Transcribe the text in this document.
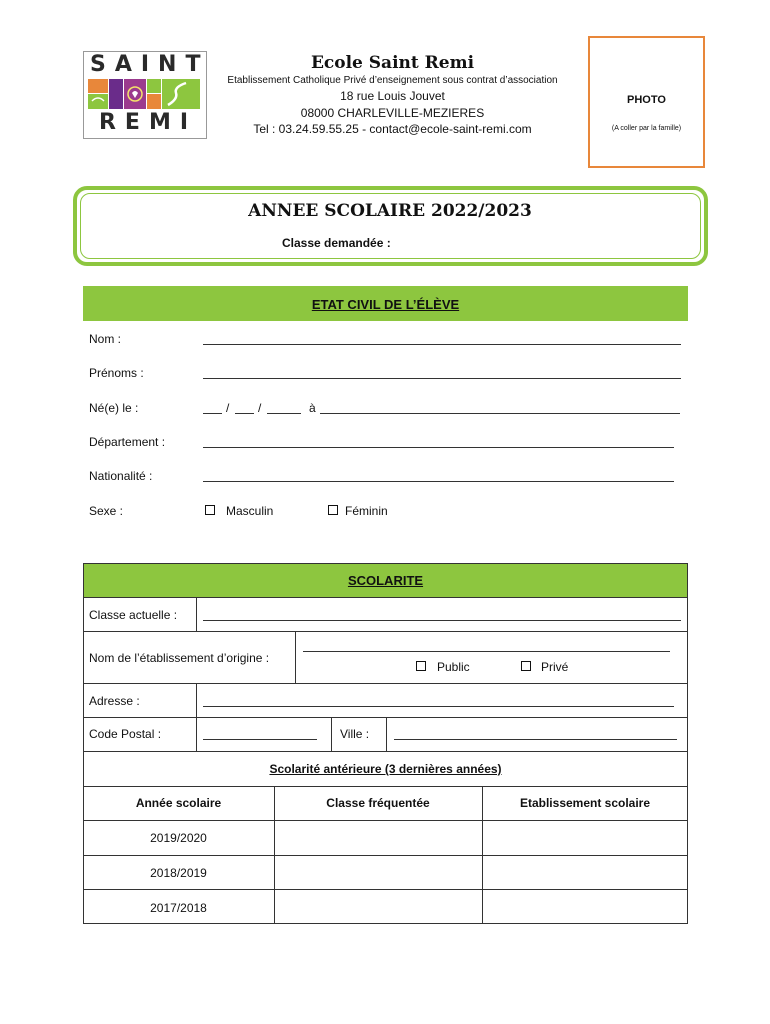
SAINT
REMI
Ecole Saint Remi
Etablissement Catholique Privé d’enseignement sous contrat d’association
18 rue Louis Jouvet
08000 CHARLEVILLE-MEZIERES
Tel : 03.24.59.55.25 - contact@ecole-saint-remi.com
PHOTO
(A coller par la famille)
ANNEE SCOLAIRE 2022/2023
Classe demandée :
ETAT CIVIL DE L’ÉLÈVE
Nom :
Prénoms :
Né(e) le :	/ /	à
Département :
Nationalité :
Sexe :	Masculin	Féminin
SCOLARITE
Classe actuelle :
Nom de l’établissement d’origine :
Public	Privé
Adresse :
Code Postal :	Ville :
Scolarité antérieure (3 dernières années)
Année scolaire	Classe fréquentée	Etablissement scolaire
2019/2020
2018/2019
2017/2018
